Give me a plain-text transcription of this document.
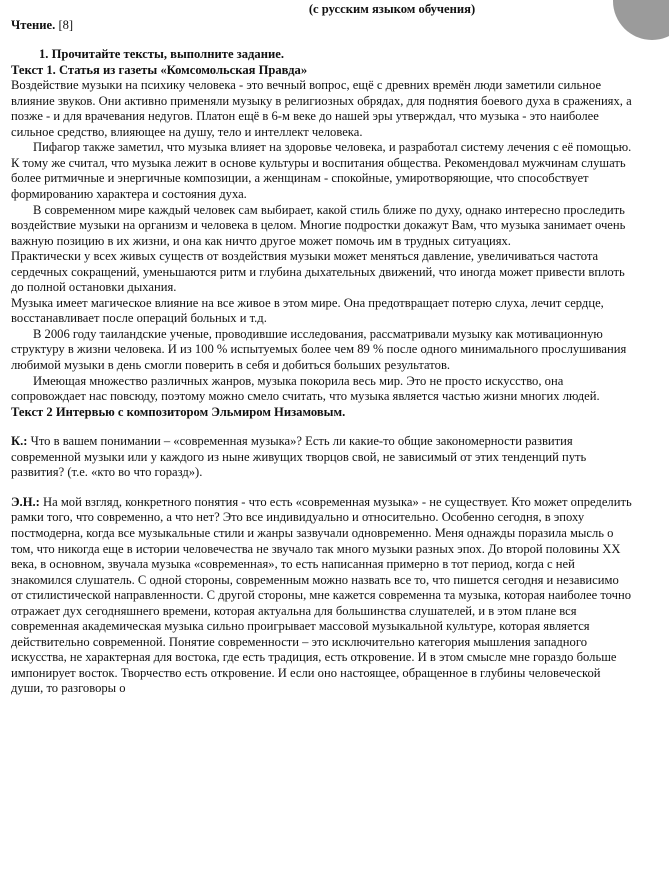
(с русским языком обучения)

Чтение. [8]

1. Прочитайте тексты, выполните задание.

Текст 1. Статья из газеты «Комсомольская Правда»

Воздействие музыки на психику человека - это вечный вопрос, ещё с древних времён люди заметили сильное влияние звуков. Они активно применяли музыку в религиозных обрядах, для поднятия боевого духа в сражениях, а позже - и для врачевания недугов. Платон ещё в 6-м веке до нашей эры утверждал, что музыка - это наиболее сильное средство, влияющее на душу, тело и интеллект человека.

Пифагор также заметил, что музыка влияет на здоровье человека, и разработал систему лечения с её помощью. К тому же считал, что музыка лежит в основе культуры и воспитания общества. Рекомендовал мужчинам слушать более ритмичные и энергичные композиции, а женщинам - спокойные, умиротворяющие, что способствует формированию характера и состояния духа.

В современном мире каждый человек сам выбирает, какой стиль ближе по духу, однако интересно проследить воздействие музыки на организм и человека в целом. Многие подростки докажут Вам, что музыка занимает очень важную позицию в их жизни, и она как ничто другое может помочь им в трудных ситуациях.

Практически у всех живых существ от воздействия музыки может меняться давление, увеличиваться частота сердечных сокращений, уменьшаются ритм и глубина дыхательных движений, что иногда может привести вплоть до полной остановки дыхания.

Музыка имеет магическое влияние на все живое в этом мире. Она предотвращает потерю слуха, лечит сердце, восстанавливает после операций больных и т.д.

В 2006 году таиландские ученые, проводившие исследования, рассматривали музыку как мотивационную структуру в жизни человека. И из 100 % испытуемых более чем 89 % после одного минимального прослушивания любимой музыки в день смогли поверить в себя и добиться больших результатов.

Имеющая множество различных жанров, музыка покорила весь мир. Это не просто искусство, она сопровождает нас повсюду, поэтому можно смело считать, что музыка является частью жизни многих людей.

Текст 2 Интервью с композитором Эльмиром Низамовым.

К.: Что в вашем понимании – «современная музыка»? Есть ли какие-то общие закономерности развития современной музыки или у каждого из ныне живущих творцов свой, не зависимый от этих тенденций путь развития? (т.е. «кто во что горазд»).

Э.Н.: На мой взгляд, конкретного понятия - что есть «современная музыка» - не существует. Кто может определить рамки того, что современно, а что нет? Это все индивидуально и относительно. Особенно сегодня, в эпоху постмодерна, когда все музыкальные стили и жанры зазвучали одновременно. Меня однажды поразила мысль о том, что никогда еще в истории человечества не звучало так много музыки разных эпох. До второй половины XX века, в основном, звучала музыка «современная», то есть написанная примерно в тот период, когда с ней знакомился слушатель. С одной стороны, современным можно назвать все то, что пишется сегодня и независимо от стилистической направленности. С другой стороны, мне кажется современна та музыка, которая наиболее точно отражает дух сегодняшнего времени, которая актуальна для большинства слушателей, и в этом плане вся современная академическая музыка сильно проигрывает массовой музыкальной культуре, которая является действительно современной. Понятие современности – это исключительно категория мышления западного искусства, не характерная для востока, где есть традиция, есть откровение. И в этом смысле мне гораздо больше импонирует восток. Творчество есть откровение. И если оно настоящее, обращенное в глубины человеческой души, то разговоры о
